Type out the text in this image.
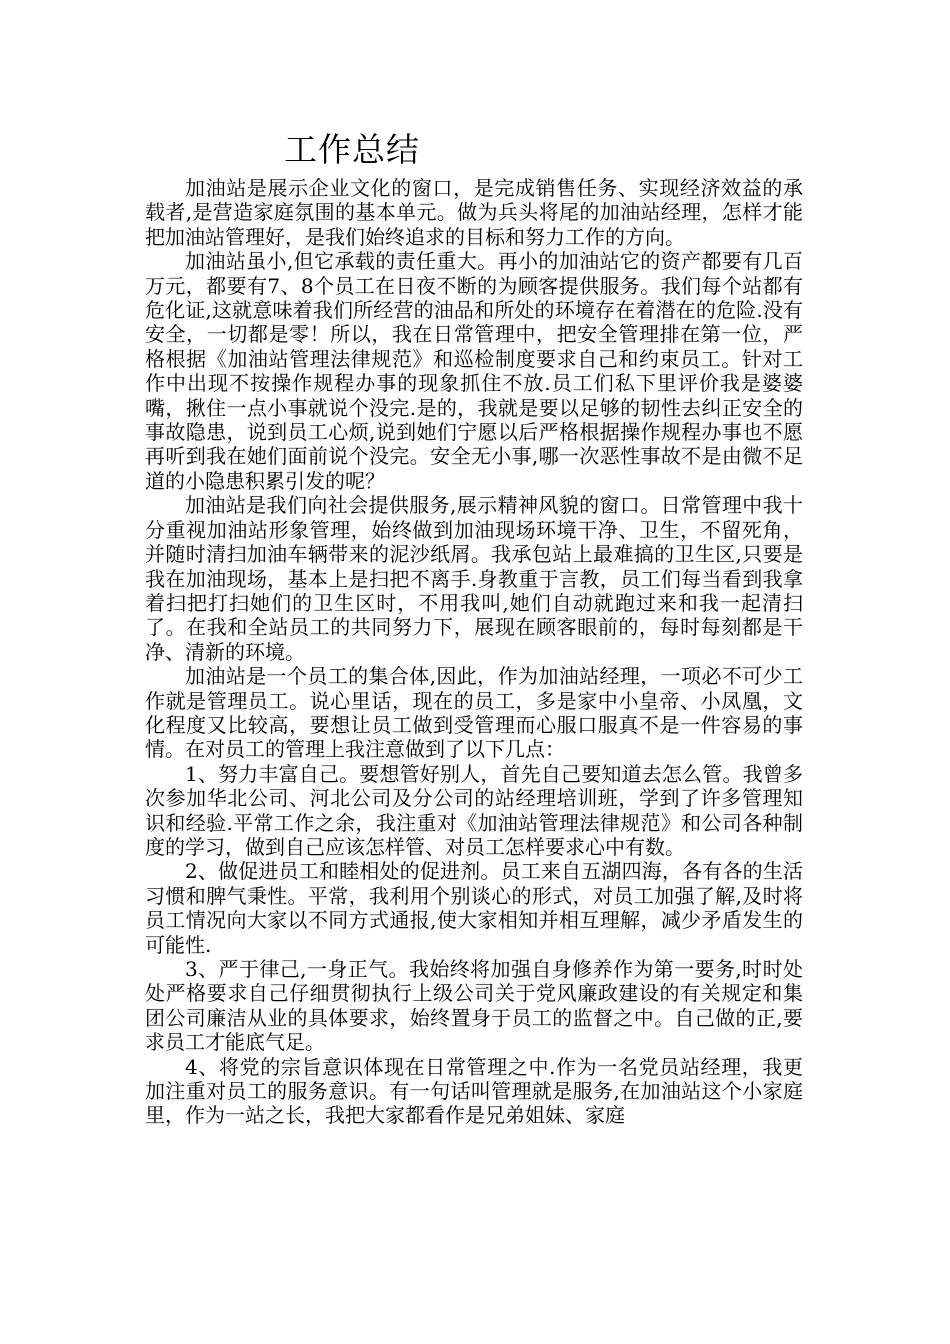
工作总结

加油站是展示企业文化的窗口，是完成销售任务、实现经济效益的承载者,是营造家庭氛围的基本单元。做为兵头将尾的加油站经理，怎样才能把加油站管理好，是我们始终追求的目标和努力工作的方向。

加油站虽小,但它承载的责任重大。再小的加油站它的资产都要有几百万元，都要有7、8个员工在日夜不断的为顾客提供服务。我们每个站都有危化证,这就意味着我们所经营的油品和所处的环境存在着潜在的危险.没有安全，一切都是零！所以，我在日常管理中，把安全管理排在第一位，严格根据《加油站管理法律规范》和巡检制度要求自己和约束员工。针对工作中出现不按操作规程办事的现象抓住不放.员工们私下里评价我是婆婆嘴，揪住一点小事就说个没完.是的，我就是要以足够的韧性去纠正安全的事故隐患，说到员工心烦,说到她们宁愿以后严格根据操作规程办事也不愿再听到我在她们面前说个没完。安全无小事,哪一次恶性事故不是由微不足道的小隐患积累引发的呢？

加油站是我们向社会提供服务,展示精神风貌的窗口。日常管理中我十分重视加油站形象管理，始终做到加油现场环境干净、卫生，不留死角，并随时清扫加油车辆带来的泥沙纸屑。我承包站上最难搞的卫生区,只要是我在加油现场，基本上是扫把不离手.身教重于言教，员工们每当看到我拿着扫把打扫她们的卫生区时，不用我叫,她们自动就跑过来和我一起清扫了。在我和全站员工的共同努力下，展现在顾客眼前的，每时每刻都是干净、清新的环境。

加油站是一个员工的集合体,因此，作为加油站经理，一项必不可少工作就是管理员工。说心里话，现在的员工，多是家中小皇帝、小凤凰，文化程度又比较高，要想让员工做到受管理而心服口服真不是一件容易的事情。在对员工的管理上我注意做到了以下几点：

1、努力丰富自己。要想管好别人，首先自己要知道去怎么管。我曾多次参加华北公司、河北公司及分公司的站经理培训班，学到了许多管理知识和经验.平常工作之余，我注重对《加油站管理法律规范》和公司各种制度的学习，做到自己应该怎样管、对员工怎样要求心中有数。

2、做促进员工和睦相处的促进剂。员工来自五湖四海，各有各的生活习惯和脾气秉性。平常，我利用个别谈心的形式，对员工加强了解,及时将员工情况向大家以不同方式通报,使大家相知并相互理解，减少矛盾发生的可能性.

3、严于律己,一身正气。我始终将加强自身修养作为第一要务,时时处处严格要求自己仔细贯彻执行上级公司关于党风廉政建设的有关规定和集团公司廉洁从业的具体要求，始终置身于员工的监督之中。自己做的正,要求员工才能底气足。

4、将党的宗旨意识体现在日常管理之中.作为一名党员站经理，我更加注重对员工的服务意识。有一句话叫管理就是服务,在加油站这个小家庭里，作为一站之长，我把大家都看作是兄弟姐妹、家庭
